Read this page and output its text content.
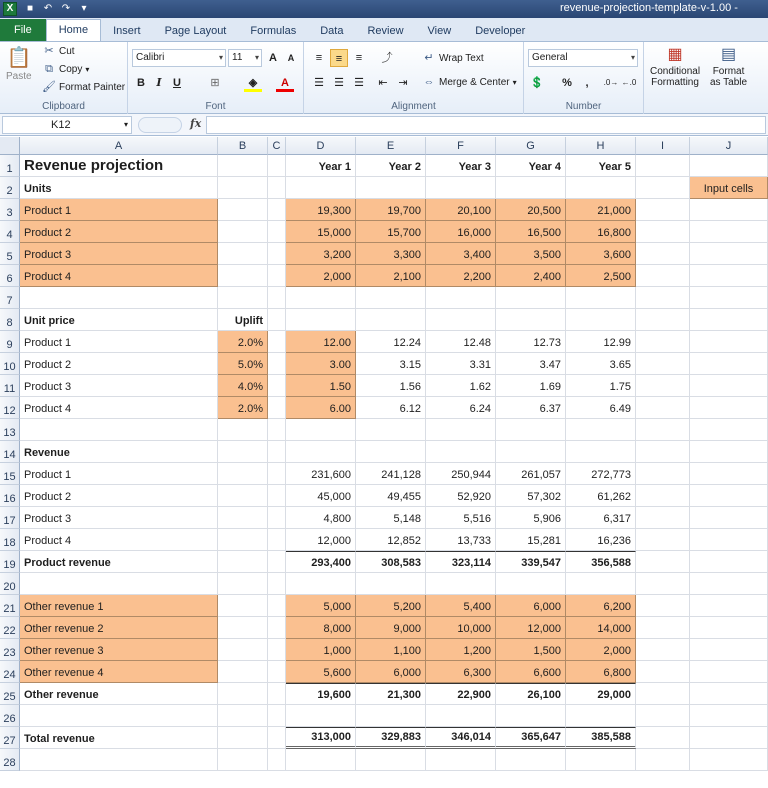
X	■	↶ ↷	▾	revenue-projection-template-v-1.00 -
File	Home	Insert	Page Layout	Formulas	Data	Review	View	Developer
📋
Paste
✂ Cut
⧉ Copy ▾
🖌 Format Painter
Clipboard
Calibri	▾ 11 ▾ A	A
B	I	U	⊞	◈	A
Font
≡	≡	≡	⤴
☰ ☰ ☰	⇤ ⇥
↵ Wrap Text
⇔ Merge & Center ▾
Alignment
General	▾
💲	%	,	.0→ ←.0
Number
▦
Conditional
Formatting
▤
Format
as Table
K12	▾	fx
A	B	C	D	E	F	G	H	I	J
1 Revenue projection	Year 1	Year 2	Year 3	Year 4	Year 5
2	Units	Input cells
3	Product 1	19,300	19,700	20,100	20,500	21,000
4	Product 2	15,000	15,700	16,000	16,500	16,800
5	Product 3	3,200	3,300	3,400	3,500	3,600
6	Product 4	2,000	2,100	2,200	2,400	2,500
7
8	Unit price	Uplift
9	Product 1	2.0%	12.00	12.24	12.48	12.73	12.99
10 Product 2	5.0%	3.00	3.15	3.31	3.47	3.65
11 Product 3	4.0%	1.50	1.56	1.62	1.69	1.75
12 Product 4	2.0%	6.00	6.12	6.24	6.37	6.49
13
14 Revenue
15 Product 1	231,600	241,128	250,944	261,057	272,773
16 Product 2	45,000	49,455	52,920	57,302	61,262
17 Product 3	4,800	5,148	5,516	5,906	6,317
18 Product 4	12,000	12,852	13,733	15,281	16,236
19 Product revenue	293,400	308,583	323,114	339,547	356,588
20
21 Other revenue 1	5,000	5,200	5,400	6,000	6,200
22 Other revenue 2	8,000	9,000	10,000	12,000	14,000
23 Other revenue 3	1,000	1,100	1,200	1,500	2,000
24 Other revenue 4	5,600	6,000	6,300	6,600	6,800
25 Other revenue	19,600	21,300	22,900	26,100	29,000
26
27 Total revenue	313,000	329,883	346,014	365,647	385,588
28
